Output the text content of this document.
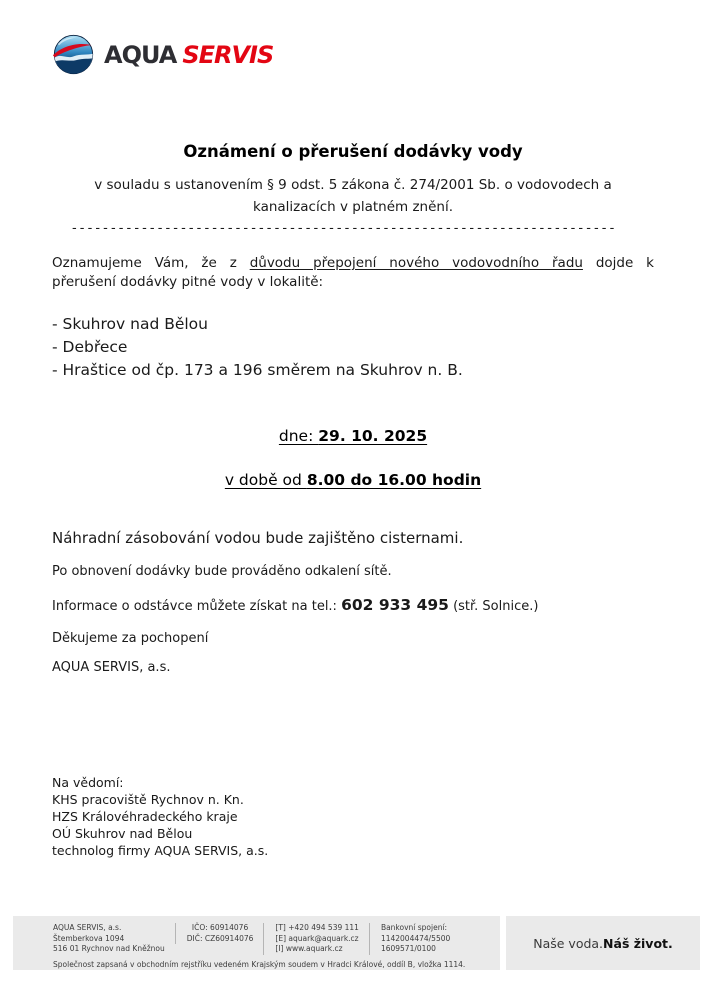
AQUA SERVIS
Oznámení o přerušení dodávky vody
v souladu s ustanovením § 9 odst. 5 zákona č. 274/2001 Sb. o vodovodech a
kanalizacích v platném znění.
----------------------------------------------------------------------
Oznamujeme Vám, že z důvodu přepojení nového vodovodního řadu dojde k
přerušení dodávky pitné vody v lokalitě:
- Skuhrov nad Bělou
- Debřece
- Hraštice od čp. 173 a 196 směrem na Skuhrov n. B.
dne: 29. 10. 2025
v době od 8.00 do 16.00 hodin
Náhradní zásobování vodou bude zajištěno cisternami.
Po obnovení dodávky bude prováděno odkalení sítě.
Informace o odstávce můžete získat na tel.: 602 933 495 (stř. Solnice.)
Děkujeme za pochopení
AQUA SERVIS, a.s.
Na vědomí:
KHS pracoviště Rychnov n. Kn.
HZS Královéhradeckého kraje
OÚ Skuhrov nad Bělou
technolog firmy AQUA SERVIS, a.s.
AQUA SERVIS, a.s.
Štemberkova 1094
516 01 Rychnov nad Kněžnou
IČO: 60914076
DIČ: CZ60914076
[T] +420 494 539 111
[E] aquark@aquark.cz
[I] www.aquark.cz
Bankovní spojení:
1142004474/5500
1609571/0100
Společnost zapsaná v obchodním rejstříku vedeném Krajským soudem v Hradci Králové, oddíl B, vložka 1114.
Naše voda. Náš život.
